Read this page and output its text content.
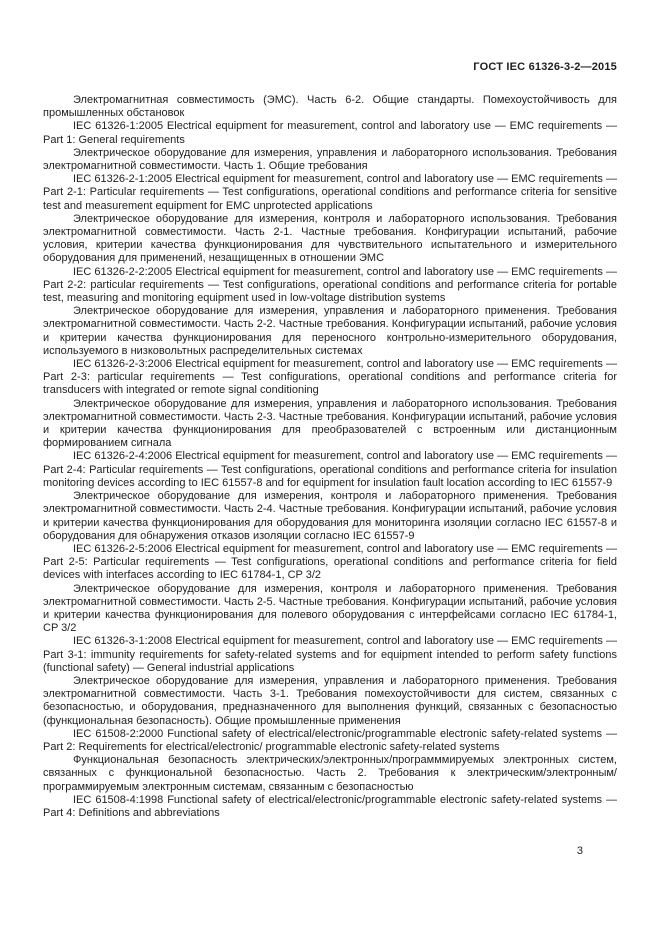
ГОСТ IEC 61326-3-2—2015

Электромагнитная совместимость (ЭМС). Часть 6-2. Общие стандарты. Помехоустойчивость для промышленных обстановок

IEC 61326-1:2005 Electrical equipment for measurement, control and laboratory use — EMC requirements — Part 1: General requirements

Электрическое оборудование для измерения, управления и лабораторного использования. Требования электромагнитной совместимости. Часть 1. Общие требования

IEC 61326-2-1:2005 Electrical equipment for measurement, control and laboratory use — EMC requirements — Part 2-1: Particular requirements — Test configurations, operational conditions and performance criteria for sensitive test and measurement equipment for EMC unprotected applications

Электрическое оборудование для измерения, контроля и лабораторного использования. Требования электромагнитной совместимости. Часть 2-1. Частные требования. Конфигурации испытаний, рабочие условия, критерии качества функционирования для чувствительного испытательного и измерительного оборудования для применений, незащищенных в отношении ЭМС

IEC 61326-2-2:2005 Electrical equipment for measurement, control and laboratory use — EMC requirements — Part 2-2: particular requirements — Test configurations, operational conditions and performance criteria for portable test, measuring and monitoring equipment used in low-voltage distribution systems

Электрическое оборудование для измерения, управления и лабораторного применения. Требования электромагнитной совместимости. Часть 2-2. Частные требования. Конфигурации испытаний, рабочие условия и критерии качества функционирования для переносного контрольно-измерительного оборудования, используемого в низковольтных распределительных системах

IEC 61326-2-3:2006 Electrical equipment for measurement, control and laboratory use — EMC requirements — Part 2-3: particular requirements — Test configurations, operational conditions and performance criteria for transducers with integrated or remote signal conditioning

Электрическое оборудование для измерения, управления и лабораторного использования. Требования электромагнитной совместимости. Часть 2-3. Частные требования. Конфигурации испытаний, рабочие условия и критерии качества функционирования для преобразователей с встроенным или дистанционным формированием сигнала

IEC 61326-2-4:2006 Electrical equipment for measurement, control and laboratory use — EMC requirements — Part 2-4: Particular requirements — Test configurations, operational conditions and performance criteria for insulation monitoring devices according to IEC 61557-8 and for equipment for insulation fault location according to IEC 61557-9

Электрическое оборудование для измерения, контроля и лабораторного применения. Требования электромагнитной совместимости. Часть 2-4. Частные требования. Конфигурации испытаний, рабочие условия и критерии качества функционирования для оборудования для мониторинга изоляции согласно IEC 61557-8 и оборудования для обнаружения отказов изоляции согласно IEC 61557-9

IEC 61326-2-5:2006 Electrical equipment for measurement, control and laboratory use — EMC requirements — Part 2-5: Particular requirements — Test configurations, operational conditions and performance criteria for field devices with interfaces according to IEC 61784-1, CP 3/2

Электрическое оборудование для измерения, контроля и лабораторного применения. Требования электромагнитной совместимости. Часть 2-5. Частные требования. Конфигурации испытаний, рабочие условия и критерии качества функционирования для полевого оборудования с интерфейсами согласно IEC 61784-1, CP 3/2

IEC 61326-3-1:2008 Electrical equipment for measurement, control and laboratory use — EMC requirements — Part 3-1: immunity requirements for safety-related systems and for equipment intended to perform safety functions (functional safety) — General industrial applications

Электрическое оборудование для измерения, управления и лабораторного применения. Требования электромагнитной совместимости. Часть 3-1. Требования помехоустойчивости для систем, связанных с безопасностью, и оборудования, предназначенного для выполнения функций, связанных с безопасностью (функциональная безопасность). Общие промышленные применения

IEC 61508-2:2000 Functional safety of electrical/electronic/programmable electronic safety-related systems — Part 2: Requirements for electrical/electronic/ programmable electronic safety-related systems

Функциональная безопасность электрических/электронных/программмируемых электронных систем, связанных с функциональной безопасностью. Часть 2. Требования к электрическим/электронным/программируемым электронным системам, связанным с безопасностью

IEC 61508-4:1998 Functional safety of electrical/electronic/programmable electronic safety-related systems — Part 4: Definitions and abbreviations

3
